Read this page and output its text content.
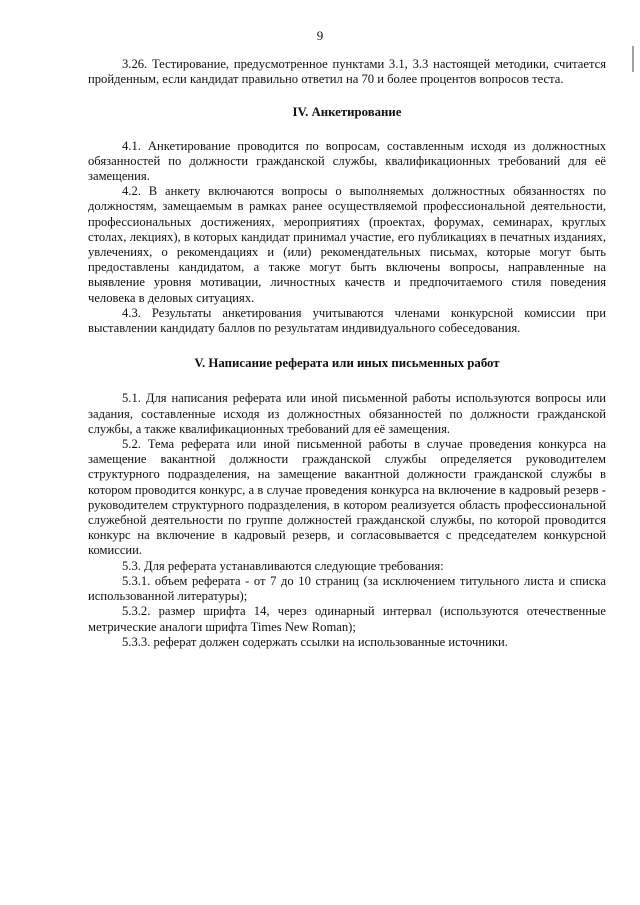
9

3.26. Тестирование, предусмотренное пунктами 3.1, 3.3 настоящей методики, считается пройденным, если кандидат правильно ответил на 70 и более процентов вопросов теста.

IV. Анкетирование

4.1. Анкетирование проводится по вопросам, составленным исходя из должностных обязанностей по должности гражданской службы, квалификационных требований для её замещения.

4.2. В анкету включаются вопросы о выполняемых должностных обязанностях по должностям, замещаемым в рамках ранее осуществляемой профессиональной деятельности, профессиональных достижениях, мероприятиях (проектах, форумах, семинарах, круглых столах, лекциях), в которых кандидат принимал участие, его публикациях в печатных изданиях, увлечениях, о рекомендациях и (или) рекомендательных письмах, которые могут быть предоставлены кандидатом, а также могут быть включены вопросы, направленные на выявление уровня мотивации, личностных качеств и предпочитаемого стиля поведения человека в деловых ситуациях.

4.3. Результаты анкетирования учитываются членами конкурсной комиссии при выставлении кандидату баллов по результатам индивидуального собеседования.

V. Написание реферата или иных письменных работ

5.1. Для написания реферата или иной письменной работы используются вопросы или задания, составленные исходя из должностных обязанностей по должности гражданской службы, а также квалификационных требований для её замещения.

5.2. Тема реферата или иной письменной работы в случае проведения конкурса на замещение вакантной должности гражданской службы определяется руководителем структурного подразделения, на замещение вакантной должности гражданской службы в котором проводится конкурс, а в случае проведения конкурса на включение в кадровый резерв - руководителем структурного подразделения, в котором реализуется область профессиональной служебной деятельности по группе должностей гражданской службы, по которой проводится конкурс на включение в кадровый резерв, и согласовывается с председателем конкурсной комиссии.

5.3. Для реферата устанавливаются следующие требования:

5.3.1. объем реферата - от 7 до 10 страниц (за исключением титульного листа и списка использованной литературы);

5.3.2. размер шрифта 14, через одинарный интервал (используются отечественные метрические аналоги шрифта Times New Roman);

5.3.3. реферат должен содержать ссылки на использованные источники.
